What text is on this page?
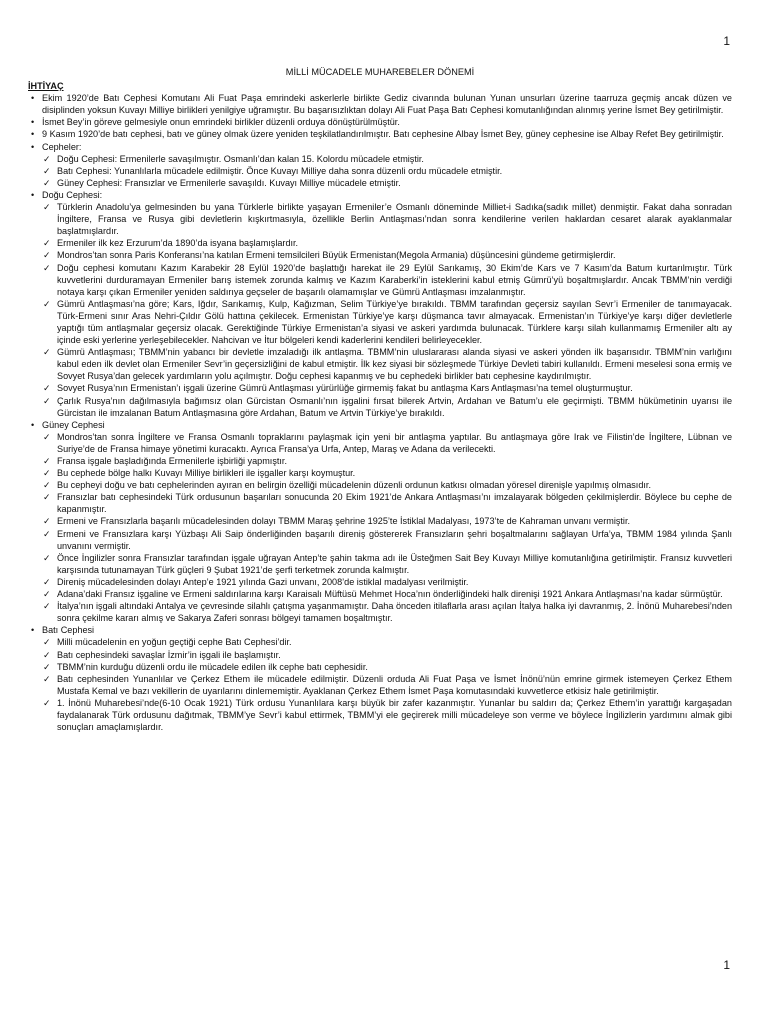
1
MİLLİ MÜCADELE MUHAREBELER DÖNEMİ
İHTİYAÇ
• Ekim 1920’de Batı Cephesi Komutanı Ali Fuat Paşa emrindeki askerlerle birlikte Gediz civarında bulunan Yunan unsurları üzerine taarruza geçmiş ancak düzen ve disiplinden yoksun Kuvayı Milliye birlikleri yenilgiye uğramıştır. Bu başarısızlıktan dolayı Ali Fuat Paşa Batı Cephesi komutanlığından alınmış yerine İsmet Bey getirilmiştir.
• İsmet Bey’in göreve gelmesiyle onun emrindeki birlikler düzenli orduya dönüştürülmüştür.
• 9 Kasım 1920’de batı cephesi, batı ve güney olmak üzere yeniden teşkilatlandırılmıştır. Batı cephesine Albay İsmet Bey, güney cephesine ise Albay Refet Bey getirilmiştir.
• Cepheler:
✓ Doğu Cephesi: Ermenilerle savaşılmıştır. Osmanlı’dan kalan 15. Kolordu mücadele etmiştir.
✓ Batı Cephesi: Yunanlılarla mücadele edilmiştir. Önce Kuvayı Milliye daha sonra düzenli ordu mücadele etmiştir.
✓ Güney Cephesi: Fransızlar ve Ermenilerle savaşıldı. Kuvayı Milliye mücadele etmiştir.
• Doğu Cephesi:
✓ Türklerin Anadolu’ya gelmesinden bu yana Türklerle birlikte yaşayan Ermeniler’e Osmanlı döneminde Milliet-i Sadıka(sadık millet) denmiştir. Fakat daha sonradan İngiltere, Fransa ve Rusya gibi devletlerin kışkırtmasıyla, özellikle Berlin Antlaşması’ndan sonra kendilerine verilen haklardan cesaret alarak ayaklanmalar başlatmışlardır.
✓ Ermeniler ilk kez Erzurum’da 1890’da isyana başlamışlardır.
✓ Mondros’tan sonra Paris Konferansı’na katılan Ermeni temsilcileri Büyük Ermenistan(Megola Armania) düşüncesini gündeme getirmişlerdir.
✓ Doğu cephesi komutanı Kazım Karabekir 28 Eylül 1920’de başlattığı harekat ile 29 Eylül Sarıkamış, 30 Ekim’de Kars ve 7 Kasım’da Batum kurtarılmıştır. Türk kuvvetlerini durduramayan Ermeniler barış istemek zorunda kalmış ve Kazım Karaberki’in isteklerini kabul etmiş Gümrü’yü boşaltmışlardır. Ancak TBMM’nin verdiği notaya karşı çıkan Ermeniler yeniden saldırıya geçseler de başarılı olamamışlar ve Gümrü Antlaşması imzalanmıştır.
✓ Gümrü Antlaşması’na göre; Kars, Iğdır, Sarıkamış, Kulp, Kağızman, Selim Türkiye’ye bırakıldı. TBMM tarafından geçersiz sayılan Sevr’i Ermeniler de tanımayacak. Türk-Ermeni sınır Aras Nehri-Çıldır Gölü hattına çekilecek. Ermenistan Türkiye’ye karşı düşmanca tavır almayacak. Ermenistan’ın Türkiye’ye karşı diğer devletlerle yaptığı tüm antlaşmalar geçersiz olacak. Gerektiğinde Türkiye Ermenistan’a siyasi ve askeri yardımda bulunacak. Türklere karşı silah kullanmamış Ermeniler altı ay içinde eski yerlerine yerleşebilecekler. Nahcivan ve İtur bölgeleri kendi kaderlerini kendileri belirleyecekler.
✓ Gümrü Antlaşması; TBMM’nin yabancı bir devletle imzaladığı ilk antlaşma. TBMM’nin uluslararası alanda siyasi ve askeri yönden ilk başarısıdır. TBMM’nin varlığını kabul eden ilk devlet olan Ermeniler Sevr’in geçersizliğini de kabul etmiştir. İlk kez siyasi bir sözleşmede Türkiye Devleti tabiri kullanıldı. Ermeni meselesi sona ermiş ve Sovyet Rusya’dan gelecek yardımların yolu açılmıştır. Doğu cephesi kapanmış ve bu cephedeki birlikler batı cephesine kaydırılmıştır.
✓ Sovyet Rusya’nın Ermenistan’ı işgali üzerine Gümrü Antlaşması yürürlüğe girmemiş fakat bu antlaşma Kars Antlaşması’na temel oluşturmuştur.
✓ Çarlık Rusya’nın dağılmasıyla bağımsız olan Gürcistan Osmanlı’nın işgalini fırsat bilerek Artvin, Ardahan ve Batum’u ele geçirmişti. TBMM hükümetinin uyarısı ile Gürcistan ile imzalanan Batum Antlaşmasına göre Ardahan, Batum ve Artvin Türkiye’ye bırakıldı.
• Güney Cephesi
✓ Mondros’tan sonra İngiltere ve Fransa Osmanlı topraklarını paylaşmak için yeni bir antlaşma yaptılar. Bu antlaşmaya göre Irak ve Filistin’de İngiltere, Lübnan ve Suriye’de de Fransa himaye yönetimi kuracaktı. Ayrıca Fransa’ya Urfa, Antep, Maraş ve Adana da verilecekti.
✓ Fransa işgale başladığında Ermenilerle işbirliği yapmıştır.
✓ Bu cephede bölge halkı Kuvayı Milliye birlikleri ile işgaller karşı koymuştur.
✓ Bu cepheyi doğu ve batı cephelerinden ayıran en belirgin özelliği mücadelenin düzenli ordunun katkısı olmadan yöresel direnişle yapılmış olmasıdır.
✓ Fransızlar batı cephesindeki Türk ordusunun başarıları sonucunda 20 Ekim 1921’de Ankara Antlaşması’nı imzalayarak bölgeden çekilmişlerdir. Böylece bu cephe de kapanmıştır.
✓ Ermeni ve Fransızlarla başarılı mücadelesinden dolayı TBMM Maraş şehrine 1925’te İstiklal Madalyası, 1973’te de Kahraman unvanı vermiştir.
✓ Ermeni ve Fransızlara karşı Yüzbaşı Ali Saip önderliğinden başarılı direniş göstererek Fransızların şehri boşaltmalarını sağlayan Urfa’ya, TBMM 1984 yılında Şanlı unvanını vermiştir.
✓ Önce İngilizler sonra Fransızlar tarafından işgale uğrayan Antep’te şahin takma adı ile Üsteğmen Sait Bey Kuvayı Milliye komutanlığına getirilmiştir. Fransız kuvvetleri karşısında tutunamayan Türk güçleri 9 Şubat 1921’de şerfi terketmek zorunda kalmıştır.
✓ Direniş mücadelesinden dolayı Antep’e 1921 yılında Gazi unvanı, 2008’de istiklal madalyası verilmiştir.
✓ Adana’daki Fransız işgaline ve Ermeni saldırılarına karşı Karaisalı Müftüsü Mehmet Hoca’nın önderliğindeki halk direnişi 1921 Ankara Antlaşması’na kadar sürmüştür.
✓ İtalya’nın işgali altındaki Antalya ve çevresinde silahlı çatışma yaşanmamıştır. Daha önceden itilaflarla arası açılan İtalya halka iyi davranmış, 2. İnönü Muharebesi’nden sonra çekilme kararı almış ve Sakarya Zaferi sonrası bölgeyi tamamen boşaltmıştır.
• Batı Cephesi
✓ Milli mücadelenin en yoğun geçtiği cephe Batı Cephesi’dir.
✓ Batı cephesindeki savaşlar İzmir’in işgali ile başlamıştır.
✓ TBMM’nin kurduğu düzenli ordu ile mücadele edilen ilk cephe batı cephesidir.
✓ Batı cephesinden Yunanlılar ve Çerkez Ethem ile mücadele edilmiştir. Düzenli orduda Ali Fuat Paşa ve İsmet İnönü’nün emrine girmek istemeyen Çerkez Ethem Mustafa Kemal ve bazı vekillerin de uyarılarını dinlememiştir. Ayaklanan Çerkez Ethem İsmet Paşa komutasındaki kuvvetlerce etkisiz hale getirilmiştir.
✓ 1. İnönü Muharebesi’nde(6-10 Ocak 1921) Türk ordusu Yunanlılara karşı büyük bir zafer kazanmıştır. Yunanlar bu saldırı da; Çerkez Ethem’in yarattığı kargaşadan faydalanarak Türk ordusunu dağıtmak, TBMM’ye Sevr’i kabul ettirmek, TBMM’yi ele geçirerek milli mücadeleye son verme ve böylece İngilizlerin yardımını almak gibi sonuçları amaçlamışlardır.
1
